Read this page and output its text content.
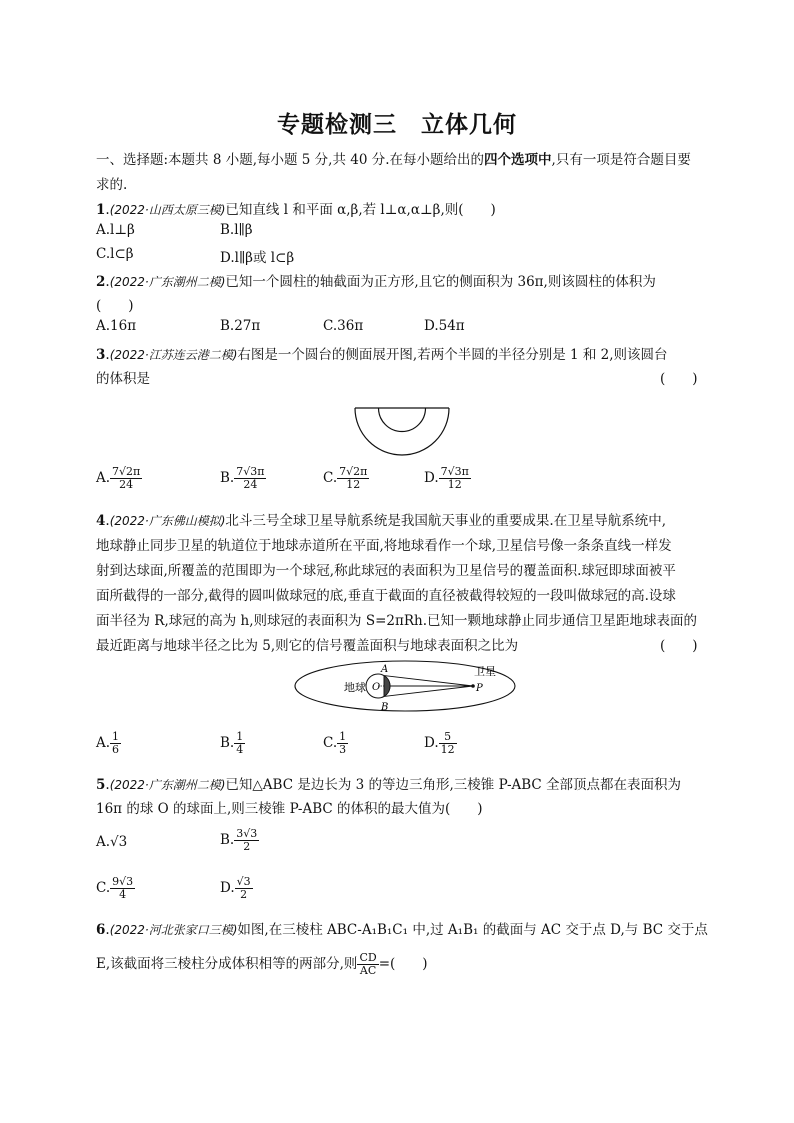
专题检测三　立体几何
一、选择题:本题共 8 小题,每小题 5 分,共 40 分.在每小题给出的四个选项中,只有一项是符合题目要
求的.
1.(2022·山西太原三模)已知直线 l 和平面 α,β,若 l⊥α,α⊥β,则(　　)
A.l⊥β	B.l∥β
C.l⊂β	D.l∥β或 l⊂β
2.(2022·广东潮州二模)已知一个圆柱的轴截面为正方形,且它的侧面积为 36π,则该圆柱的体积为
(　　)
A.16π	B.27π	C.36π	D.54π
3.(2022·江苏连云港二模)右图是一个圆台的侧面展开图,若两个半圆的半径分别是 1 和 2,则该圆台
的体积是	(　　)
A. $\frac{7√2\pi}{24}$	B. $\frac{7√3\pi}{24}$	C. $\frac{7√2\pi}{12}$	D. $\frac{7√3\pi}{12}$
4.(2022·广东佛山模拟)北斗三号全球卫星导航系统是我国航天事业的重要成果.在卫星导航系统中,
地球静止同步卫星的轨道位于地球赤道所在平面,将地球看作一个球,卫星信号像一条条直线一样发
射到达球面,所覆盖的范围即为一个球冠,称此球冠的表面积为卫星信号的覆盖面积.球冠即球面被平
面所截得的一部分,截得的圆叫做球冠的底,垂直于截面的直径被截得较短的一段叫做球冠的高.设球
面半径为 R,球冠的高为 h,则球冠的表面积为 S=2πRh.已知一颗地球静止同步通信卫星距地球表面的
最近距离与地球半径之比为 5,则它的信号覆盖面积与地球表面积之比为	(　　)
地球 O
A
B
P
卫星
A. $\frac{1}{6}$	B. $\frac{1}{4}$	C. $\frac{1}{3}$	D. $\frac{5}{12}$
5.(2022·广东潮州二模)已知△ABC 是边长为 3 的等边三角形,三棱锥 P-ABC 全部顶点都在表面积为
16π 的球 O 的球面上,则三棱锥 P-ABC 的体积的最大值为(　　)
A.√3	B. $\frac{3√3}{2}$
C. $\frac{9√3}{4}$	D. $\frac{√3}{2}$
6.(2022·河北张家口三模)如图,在三棱柱 ABC-A₁B₁C₁ 中,过 A₁B₁ 的截面与 AC 交于点 D,与 BC 交于点
E,该截面将三棱柱分成体积相等的两部分,则 $\frac{CD}{AC}$ =(　　)
